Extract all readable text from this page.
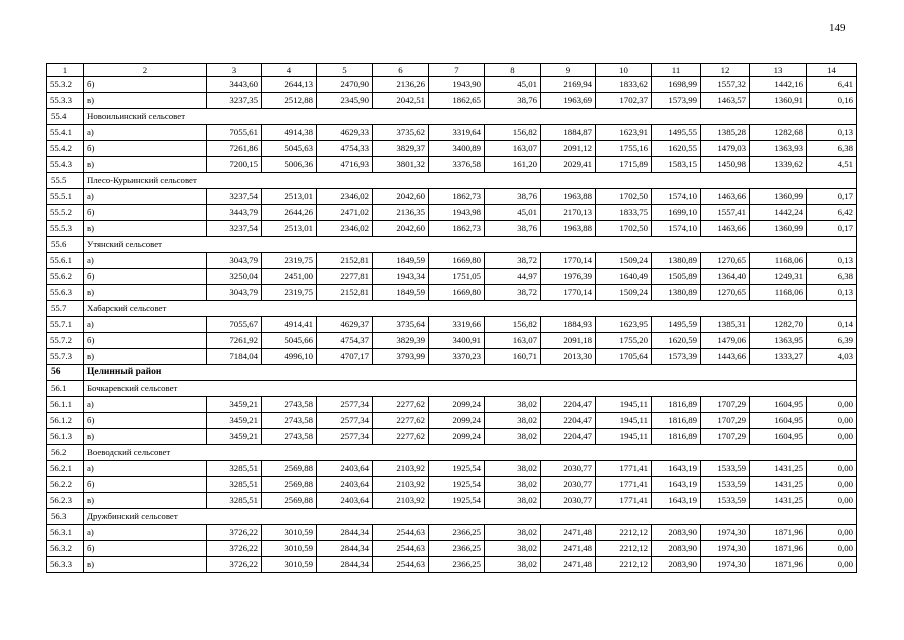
149
1	2	3	4	5	6	7	8	9	10	11	12	13	14
55.3.2	б)	3443,60	2644,13	2470,90	2136,26	1943,90	45,01	2169,94	1833,62	1698,99	1557,32	1442,16	6,41
55.3.3	в)	3237,35	2512,88	2345,90	2042,51	1862,65	38,76	1963,69	1702,37	1573,99	1463,57	1360,91	0,16
55.4	Новоильинский сельсовет												
55.4.1	а)	7055,61	4914,38	4629,33	3735,62	3319,64	156,82	1884,87	1623,91	1495,55	1385,28	1282,68	0,13
55.4.2	б)	7261,86	5045,63	4754,33	3829,37	3400,89	163,07	2091,12	1755,16	1620,55	1479,03	1363,93	6,38
55.4.3	в)	7200,15	5006,36	4716,93	3801,32	3376,58	161,20	2029,41	1715,89	1583,15	1450,98	1339,62	4,51
55.5	Плесо-Курьинский сельсовет												
55.5.1	а)	3237,54	2513,01	2346,02	2042,60	1862,73	38,76	1963,88	1702,50	1574,10	1463,66	1360,99	0,17
55.5.2	б)	3443,79	2644,26	2471,02	2136,35	1943,98	45,01	2170,13	1833,75	1699,10	1557,41	1442,24	6,42
55.5.3	в)	3237,54	2513,01	2346,02	2042,60	1862,73	38,76	1963,88	1702,50	1574,10	1463,66	1360,99	0,17
55.6	Утянский сельсовет												
55.6.1	а)	3043,79	2319,75	2152,81	1849,59	1669,80	38,72	1770,14	1509,24	1380,89	1270,65	1168,06	0,13
55.6.2	б)	3250,04	2451,00	2277,81	1943,34	1751,05	44,97	1976,39	1640,49	1505,89	1364,40	1249,31	6,38
55.6.3	в)	3043,79	2319,75	2152,81	1849,59	1669,80	38,72	1770,14	1509,24	1380,89	1270,65	1168,06	0,13
55.7	Хабарский сельсовет												
55.7.1	а)	7055,67	4914,41	4629,37	3735,64	3319,66	156,82	1884,93	1623,95	1495,59	1385,31	1282,70	0,14
55.7.2	б)	7261,92	5045,66	4754,37	3829,39	3400,91	163,07	2091,18	1755,20	1620,59	1479,06	1363,95	6,39
55.7.3	в)	7184,04	4996,10	4707,17	3793,99	3370,23	160,71	2013,30	1705,64	1573,39	1443,66	1333,27	4,03
56	Целинный район												
56.1	Бочкаревский сельсовет												
56.1.1	а)	3459,21	2743,58	2577,34	2277,62	2099,24	38,02	2204,47	1945,11	1816,89	1707,29	1604,95	0,00
56.1.2	б)	3459,21	2743,58	2577,34	2277,62	2099,24	38,02	2204,47	1945,11	1816,89	1707,29	1604,95	0,00
56.1.3	в)	3459,21	2743,58	2577,34	2277,62	2099,24	38,02	2204,47	1945,11	1816,89	1707,29	1604,95	0,00
56.2	Воеводский сельсовет												
56.2.1	а)	3285,51	2569,88	2403,64	2103,92	1925,54	38,02	2030,77	1771,41	1643,19	1533,59	1431,25	0,00
56.2.2	б)	3285,51	2569,88	2403,64	2103,92	1925,54	38,02	2030,77	1771,41	1643,19	1533,59	1431,25	0,00
56.2.3	в)	3285,51	2569,88	2403,64	2103,92	1925,54	38,02	2030,77	1771,41	1643,19	1533,59	1431,25	0,00
56.3	Дружбинский сельсовет												
56.3.1	а)	3726,22	3010,59	2844,34	2544,63	2366,25	38,02	2471,48	2212,12	2083,90	1974,30	1871,96	0,00
56.3.2	б)	3726,22	3010,59	2844,34	2544,63	2366,25	38,02	2471,48	2212,12	2083,90	1974,30	1871,96	0,00
56.3.3	в)	3726,22	3010,59	2844,34	2544,63	2366,25	38,02	2471,48	2212,12	2083,90	1974,30	1871,96	0,00
